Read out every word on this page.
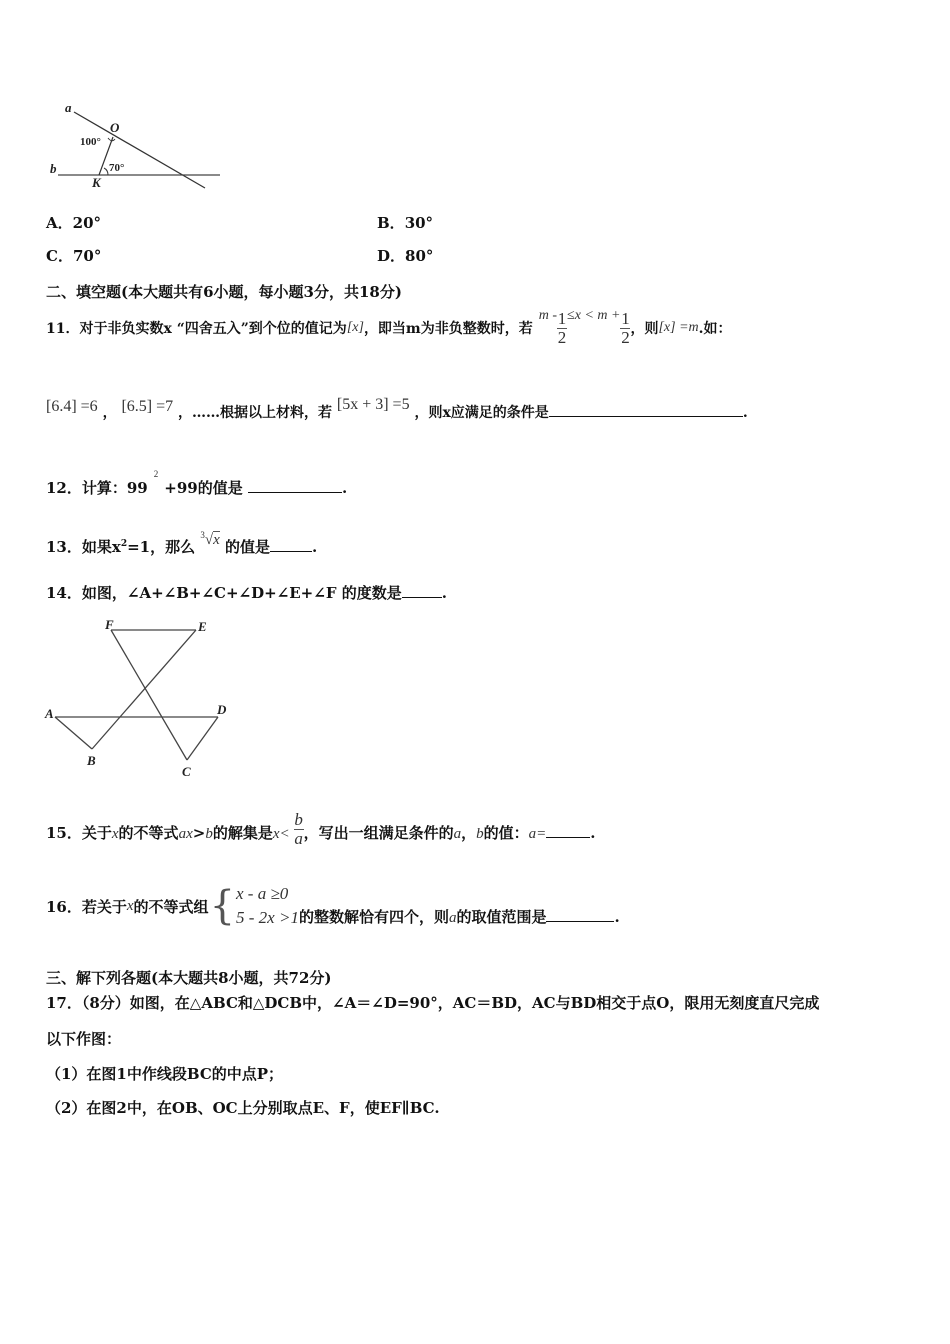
a
O
b
K
100°
70°
A．20°	B．30°
C．70°	D．80°
二、填空题(本大题共有6小题，每小题3分，共18分)
11．对于非负实数x “四舍五入”到个位的值记为 [x] ，即当m为非负整数时，若
$m - \frac{1}{2} \le x < m + \frac{1}{2}$ ，则 [x] =m .如：
[6.4] =6 ， [6.5] =7 ，……根据以上材料，若 [5x + 3] =5 ，则x应满足的条件是	.
12．计算：$99^2+99$的值是	.
13．如果$x^2=1$，那么 $^3$√x 的值是	.
14．如图，∠A+∠B+∠C+∠D+∠E+∠F 的度数是	.
F	E
A	D
B
C
15．关于x的不等式ax>b的解集是$x< \frac{b}{a}$ ，写出一组满足条件的a，b的值：a=	.
16．若关于 x 的不等式组 { x - a ≥0
5 - 2x >1 的整数解恰有四个，则a的取值范围是	.
三、解下列各题(本大题共8小题，共72分)
17．（8分）如图，在△ABC和△DCB中，∠A＝∠D=90°，AC＝BD，AC与BD相交于点O，限用无刻度直尺完成
以下作图：
（1）在图1中作线段BC的中点P；
（2）在图2中，在OB、OC上分别取点E、F，使EF∥BC.
